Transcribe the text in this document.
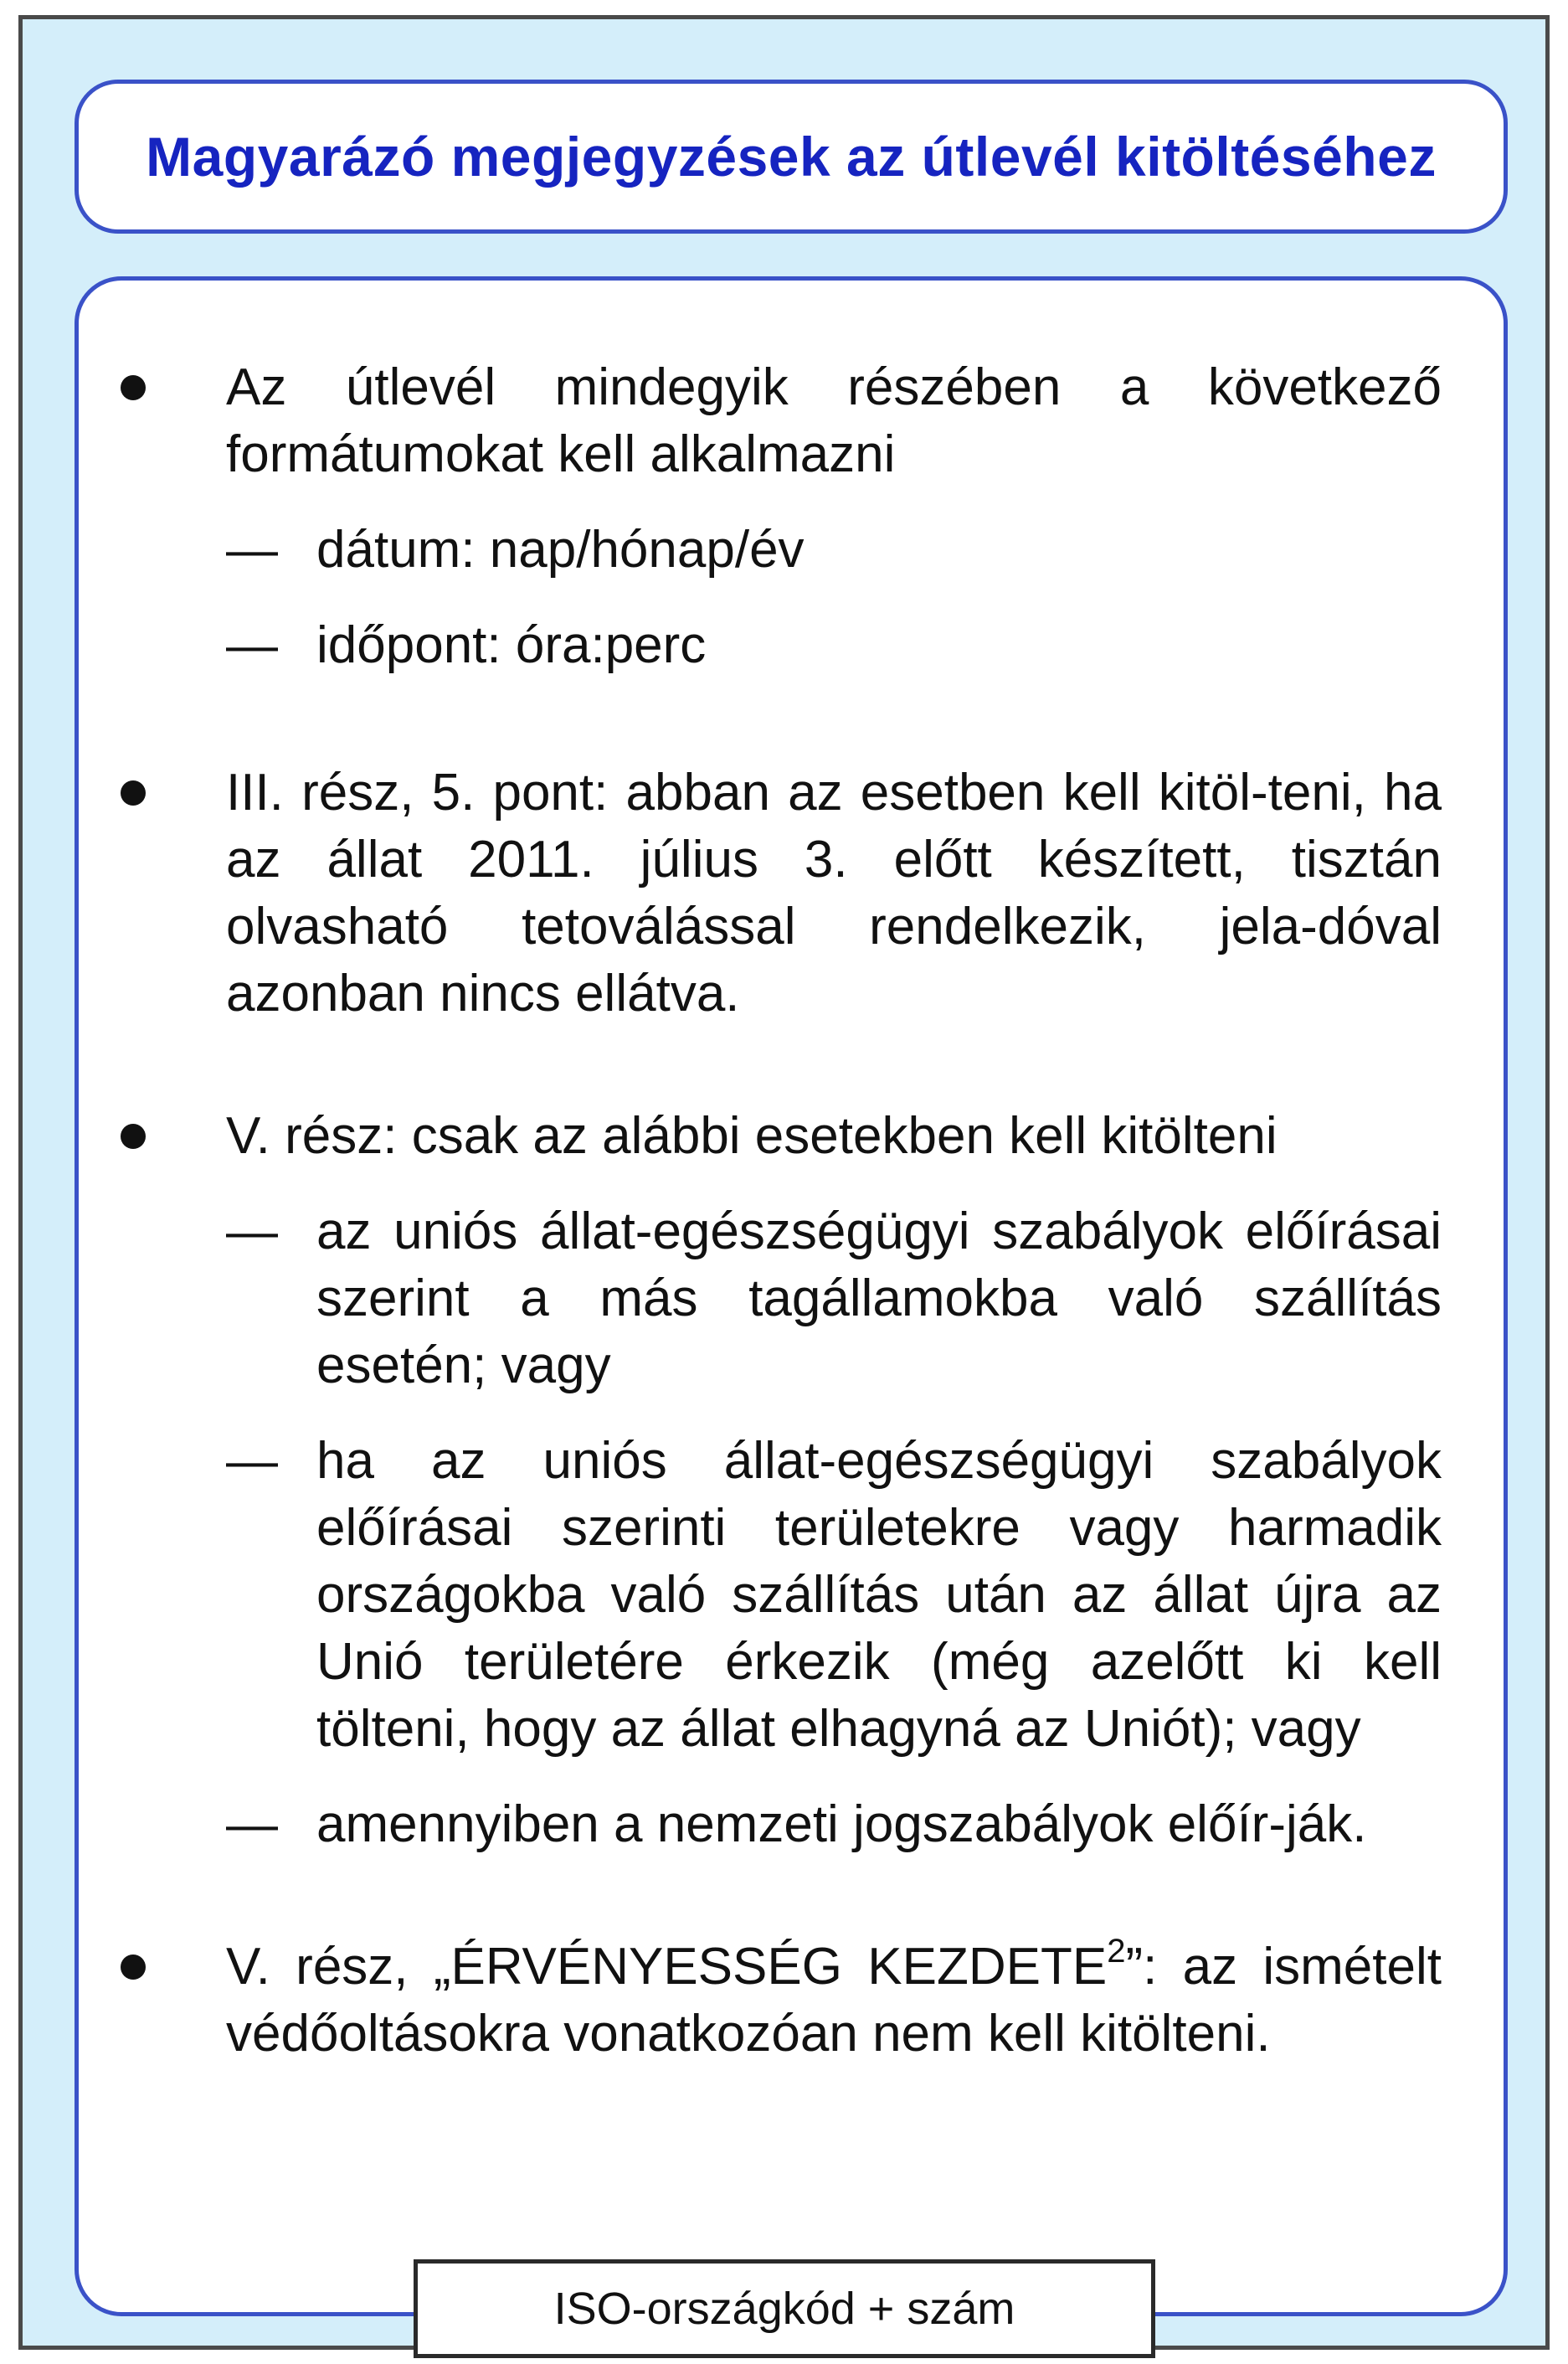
Magyarázó megjegyzések az útlevél kitöltéséhez
Az útlevél mindegyik részében a következő formátumokat kell alkalmazni
— dátum: nap/hónap/év
— időpont: óra:perc
III. rész, 5. pont: abban az esetben kell kitöl-teni, ha az állat 2011. július 3. előtt készített, tisztán olvasható tetoválással rendelkezik, jela-dóval azonban nincs ellátva.
V. rész: csak az alábbi esetekben kell kitölteni
— az uniós állat-egészségügyi szabályok előírásai szerint a más tagállamokba való szállítás esetén; vagy
— ha az uniós állat-egészségügyi szabályok előírásai szerinti területekre vagy harmadik országokba való szállítás után az állat újra az Unió területére érkezik (még azelőtt ki kell tölteni, hogy az állat elhagyná az Uniót); vagy
— amennyiben a nemzeti jogszabályok előír-ják.
V. rész, „ÉRVÉNYESSÉG KEZDETE$^2$”: az ismételt védőoltásokra vonatkozóan nem kell kitölteni.
ISO-országkód + szám
